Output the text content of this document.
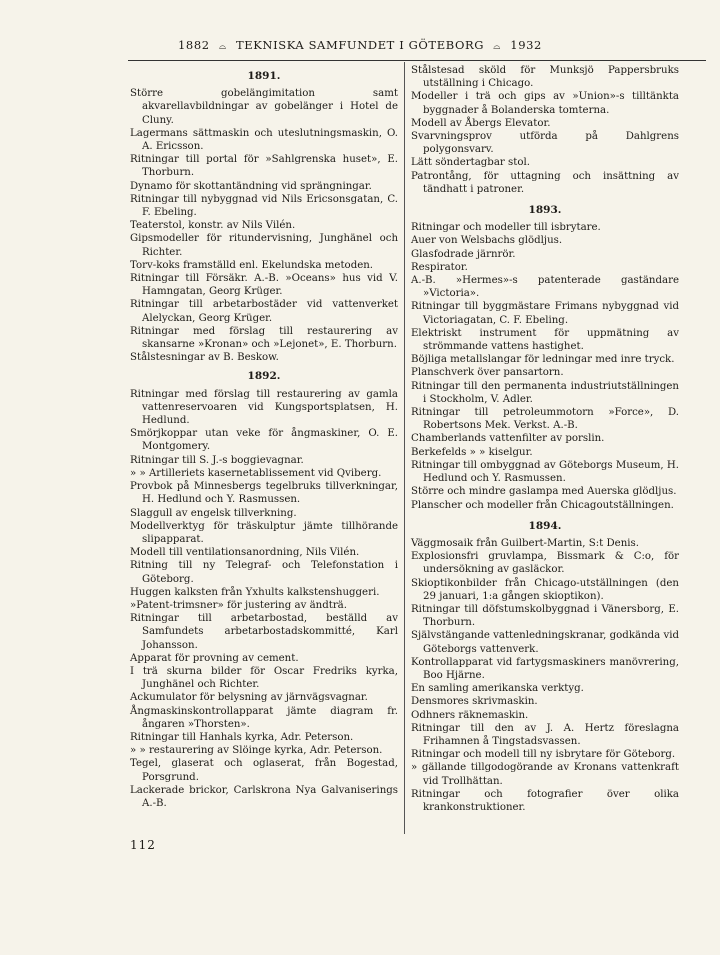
1882 ⌓ TEKNISKA SAMFUNDET I GÖTEBORG ⌓ 1932
1891.
Större gobelängimitation samt akvarellavbildningar av gobelänger i Hotel de Cluny.
Lagermans sättmaskin och uteslutningsmaskin, O. A. Ericsson.
Ritningar till portal för »Sahlgrenska huset», E. Thorburn.
Dynamo för skottantändning vid sprängningar.
Ritningar till nybyggnad vid Nils Ericsonsgatan, C. F. Ebeling.
Teaterstol, konstr. av Nils Vilén.
Gipsmodeller för ritundervisning, Junghänel och Richter.
Torv-koks framställd enl. Ekelundska metoden.
Ritningar till Försäkr. A.-B. »Oceans» hus vid V. Hamngatan, Georg Krüger.
Ritningar till arbetarbostäder vid vattenverket Alelyckan, Georg Krüger.
Ritningar med förslag till restaurering av skansarne »Kronan» och »Lejonet», E. Thorburn.
Stålstesningar av B. Beskow.
1892.
Ritningar med förslag till restaurering av gamla vattenreservoaren vid Kungsportsplatsen, H. Hedlund.
Smörjkoppar utan veke för ångmaskiner, O. E. Montgomery.
Ritningar till S. J.-s boggievagnar.
» » Artilleriets kasernetablissement vid Qviberg.
Provbok på Minnesbergs tegelbruks tillverkningar, H. Hedlund och Y. Rasmussen.
Slaggull av engelsk tillverkning.
Modellverktyg för träskulptur jämte tillhörande slipapparat.
Modell till ventilationsanordning, Nils Vilén.
Ritning till ny Telegraf- och Telefonstation i Göteborg.
Huggen kalksten från Yxhults kalkstenshuggeri.
»Patent-trimsner» för justering av ändträ.
Ritningar till arbetarbostad, beställd av Samfundets arbetarbostadskommitté, Karl Johansson.
Apparat för provning av cement.
I trä skurna bilder för Oscar Fredriks kyrka, Junghänel och Richter.
Ackumulator för belysning av järnvägsvagnar.
Ångmaskinskontrollapparat jämte diagram fr. ångaren »Thorsten».
Ritningar till Hanhals kyrka, Adr. Peterson.
» » restaurering av Slöinge kyrka, Adr. Peterson.
Tegel, glaserat och oglaserat, från Bogestad, Porsgrund.
Lackerade brickor, Carlskrona Nya Galvaniserings A.-B.
Stålstesad sköld för Munksjö Pappersbruks utställning i Chicago.
Modeller i trä och gips av »Union»-s tilltänkta byggnader å Bolanderska tomterna.
Modell av Åbergs Elevator.
Svarvningsprov utförda på Dahlgrens polygonsvarv.
Lätt söndertagbar stol.
Patrontång, för uttagning och insättning av tändhatt i patroner.
1893.
Ritningar och modeller till isbrytare.
Auer von Welsbachs glödljus.
Glasfodrade järnrör.
Respirator.
A.-B. »Hermes»-s patenterade gaständare »Victoria».
Ritningar till byggmästare Frimans nybyggnad vid Victoriagatan, C. F. Ebeling.
Elektriskt instrument för uppmätning av strömmande vattens hastighet.
Böjliga metallslangar för ledningar med inre tryck.
Planschverk över pansartorn.
Ritningar till den permanenta industriutställningen i Stockholm, V. Adler.
Ritningar till petroleummotorn »Force», D. Robertsons Mek. Verkst. A.-B.
Chamberlands vattenfilter av porslin.
Berkefelds » » kiselgur.
Ritningar till ombyggnad av Göteborgs Museum, H. Hedlund och Y. Rasmussen.
Större och mindre gaslampa med Auerska glödljus.
Planscher och modeller från Chicagoutställningen.
1894.
Väggmosaik från Guilbert-Martin, S:t Denis.
Explosionsfri gruvlampa, Bissmark & C:o, för undersökning av gasläckor.
Skioptikonbilder från Chicago-utställningen (den 29 januari, 1:a gången skioptikon).
Ritningar till döfstumskolbyggnad i Vänersborg, E. Thorburn.
Självstängande vattenledningskranar, godkända vid Göteborgs vattenverk.
Kontrollapparat vid fartygsmaskiners manövrering, Boo Hjärne.
En samling amerikanska verktyg.
Densmores skrivmaskin.
Odhners räknemaskin.
Ritningar till den av J. A. Hertz föreslagna Frihamnen å Tingstadsvassen.
Ritningar och modell till ny isbrytare för Göteborg.
» gällande tillgodogörande av Kronans vattenkraft vid Trollhättan.
Ritningar och fotografier över olika krankonstruktioner.
112
